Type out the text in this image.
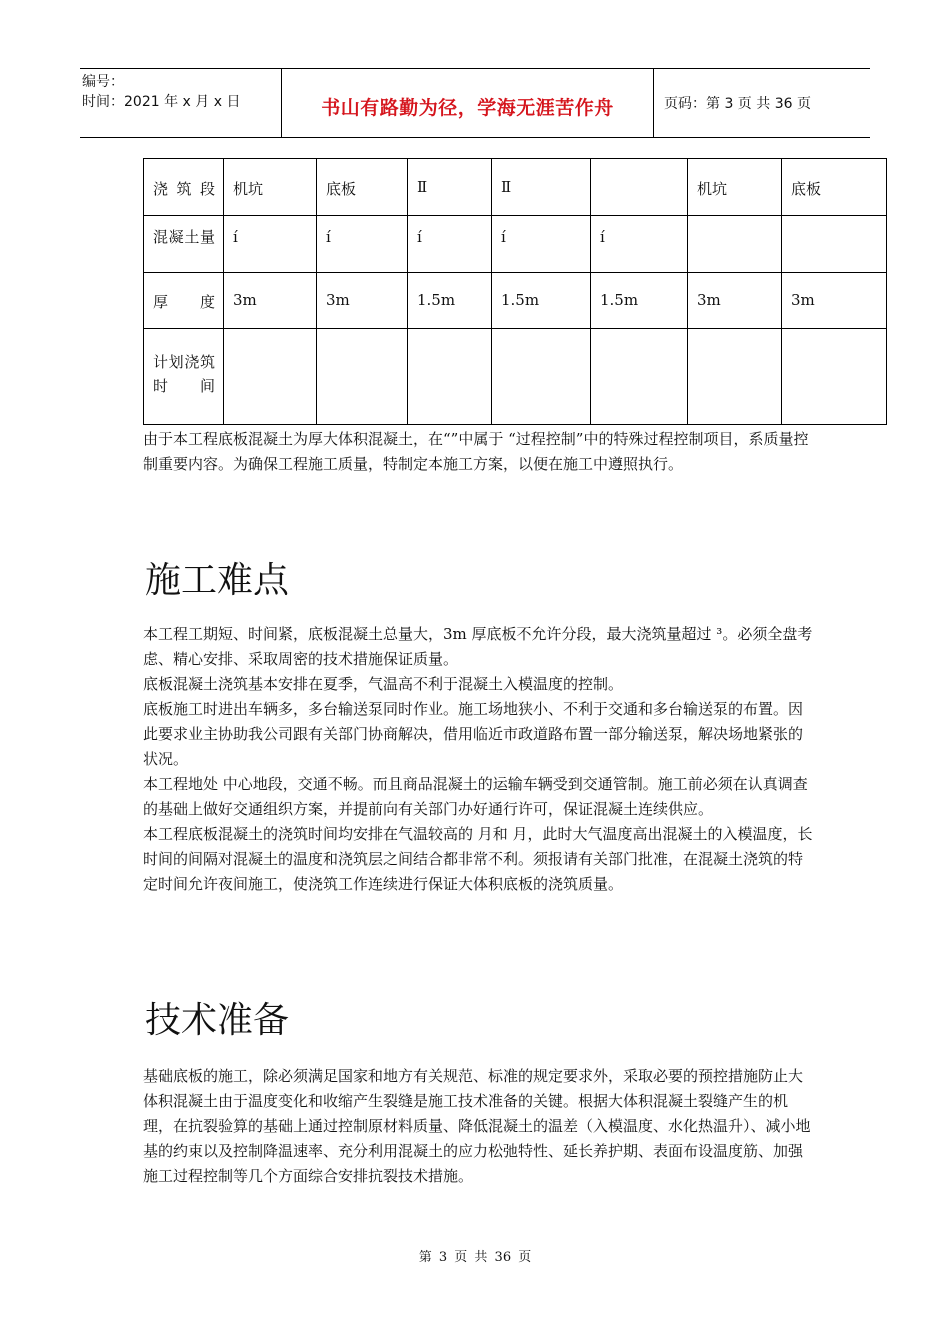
编号：
时间：2021 年 x 月 x 日	书山有路勤为径，学海无涯苦作舟	页码：第 3 页 共 36 页
浇筑段	机坑	底板	Ⅱ	Ⅱ		机坑	底板
混凝土量	í	í	í	í	í		
厚度	3m	3m	1.5m	1.5m	1.5m	3m	3m
计划浇筑时间							

由于本工程底板混凝土为厚大体积混凝土，在“”中属于 “过程控制”中的特殊过程控制项目，系质量控制重要内容。为确保工程施工质量，特制定本施工方案，以便在施工中遵照执行。

施工难点

本工程工期短、时间紧，底板混凝土总量大，3m 厚底板不允许分段，最大浇筑量超过 ³。必须全盘考虑、精心安排、采取周密的技术措施保证质量。

底板混凝土浇筑基本安排在夏季，气温高不利于混凝土入模温度的控制。

底板施工时进出车辆多，多台输送泵同时作业。施工场地狭小、不利于交通和多台输送泵的布置。因此要求业主协助我公司跟有关部门协商解决，借用临近市政道路布置一部分输送泵，解决场地紧张的状况。

本工程地处 中心地段，交通不畅。而且商品混凝土的运输车辆受到交通管制。施工前必须在认真调查的基础上做好交通组织方案，并提前向有关部门办好通行许可，保证混凝土连续供应。

本工程底板混凝土的浇筑时间均安排在气温较高的 月和 月，此时大气温度高出混凝土的入模温度，长时间的间隔对混凝土的温度和浇筑层之间结合都非常不利。须报请有关部门批准，在混凝土浇筑的特定时间允许夜间施工，使浇筑工作连续进行保证大体积底板的浇筑质量。

技术准备

基础底板的施工，除必须满足国家和地方有关规范、标准的规定要求外，采取必要的预控措施防止大体积混凝土由于温度变化和收缩产生裂缝是施工技术准备的关键。根据大体积混凝土裂缝产生的机理，在抗裂验算的基础上通过控制原材料质量、降低混凝土的温差（入模温度、水化热温升）、减小地基的约束以及控制降温速率、充分利用混凝土的应力松弛特性、延长养护期、表面布设温度筋、加强施工过程控制等几个方面综合安排抗裂技术措施。

第 3 页 共 36 页
